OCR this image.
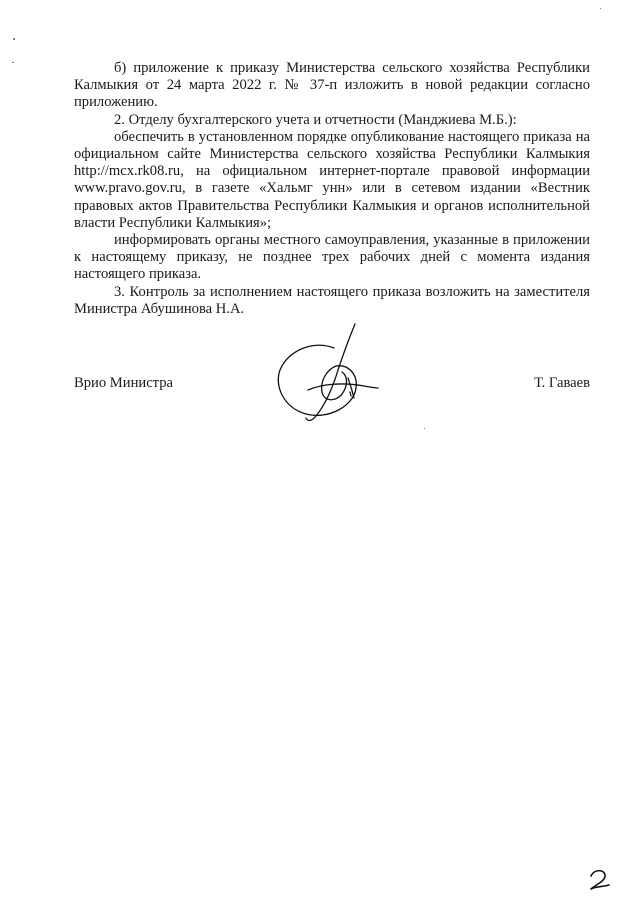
б) приложение к приказу Министерства сельского хозяйства Республики Калмыкия от 24 марта 2022 г. № 37-п изложить в новой редакции согласно приложению.

2. Отделу бухгалтерского учета и отчетности (Манджиева М.Б.):

обеспечить в установленном порядке опубликование настоящего приказа на официальном сайте Министерства сельского хозяйства Республики Калмыкия http://mcx.rk08.ru, на официальном интернет-портале правовой информации www.pravo.gov.ru, в газете «Хальмг унн» или в сетевом издании «Вестник правовых актов Правительства Республики Калмыкия и органов исполнительной власти Республики Калмыкия»;

информировать органы местного самоуправления, указанные в приложении к настоящему приказу, не позднее трех рабочих дней с момента издания настоящего приказа.

3. Контроль за исполнением настоящего приказа возложить на заместителя Министра Абушинова Н.А.

Врио Министра	Т. Гаваев
